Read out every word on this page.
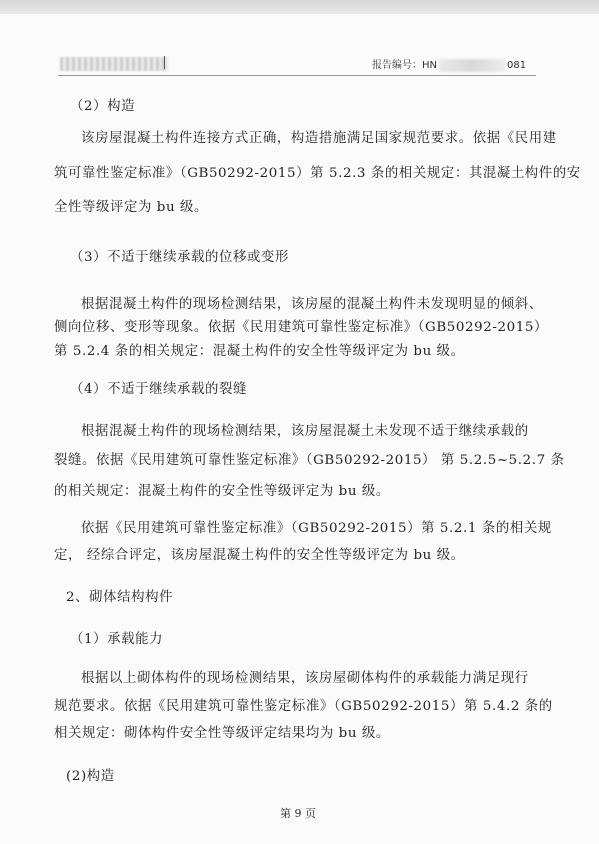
报告编号：HN	081
（2）构造
该房屋混凝土构件连接方式正确，构造措施满足国家规范要求。依据《民用建
筑可靠性鉴定标准》（GB50292-2015）第 5.2.3 条的相关规定：其混凝土构件的安
全性等级评定为 bu 级。
（3）不适于继续承载的位移或变形
根据混凝土构件的现场检测结果，该房屋的混凝土构件未发现明显的倾斜、
侧向位移、变形等现象。依据《民用建筑可靠性鉴定标准》（GB50292-2015）
第 5.2.4 条的相关规定：混凝土构件的安全性等级评定为 bu 级。
（4）不适于继续承载的裂缝
根据混凝土构件的现场检测结果，该房屋混凝土未发现不适于继续承载的
裂缝。依据《民用建筑可靠性鉴定标准》（GB50292-2015） 第 5.2.5~5.2.7 条
的相关规定：混凝土构件的安全性等级评定为 bu 级。
依据《民用建筑可靠性鉴定标准》（GB50292-2015）第 5.2.1 条的相关规
定， 经综合评定，该房屋混凝土构件的安全性等级评定为 bu 级。
2、砌体结构构件
（1）承载能力
根据以上砌体构件的现场检测结果，该房屋砌体构件的承载能力满足现行
规范要求。依据《民用建筑可靠性鉴定标准》（GB50292-2015）第 5.4.2 条的
相关规定：砌体构件安全性等级评定结果均为 bu 级。
(2)构造
第 9 页
